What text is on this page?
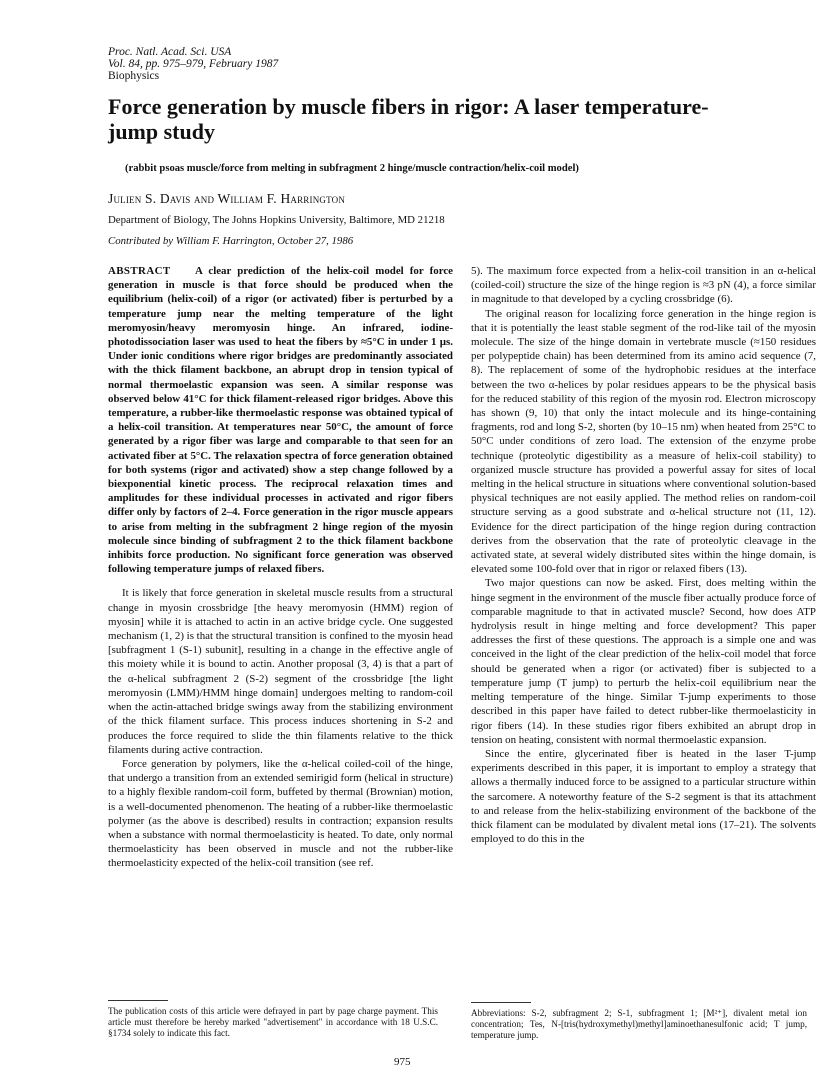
Proc. Natl. Acad. Sci. USA
Vol. 84, pp. 975–979, February 1987
Biophysics
Force generation by muscle fibers in rigor: A laser temperature-jump study
(rabbit psoas muscle/force from melting in subfragment 2 hinge/muscle contraction/helix-coil model)
Julien S. Davis and William F. Harrington
Department of Biology, The Johns Hopkins University, Baltimore, MD 21218
Contributed by William F. Harrington, October 27, 1986

ABSTRACT A clear prediction of the helix-coil model for force generation in muscle is that force should be produced when the equilibrium (helix-coil) of a rigor (or activated) fiber is perturbed by a temperature jump near the melting temperature of the light meromyosin/heavy meromyosin hinge. An infrared, iodine-photodissociation laser was used to heat the fibers by ≈5°C in under 1 µs. Under ionic conditions where rigor bridges are predominantly associated with the thick filament backbone, an abrupt drop in tension typical of normal thermoelastic expansion was seen. A similar response was observed below 41°C for thick filament-released rigor bridges. Above this temperature, a rubber-like thermoelastic response was obtained typical of a helix-coil transition. At temperatures near 50°C, the amount of force generated by a rigor fiber was large and comparable to that seen for an activated fiber at 5°C. The relaxation spectra of force generation obtained for both systems (rigor and activated) show a step change followed by a biexponential kinetic process. The reciprocal relaxation times and amplitudes for these individual processes in activated and rigor fibers differ only by factors of 2–4. Force generation in the rigor muscle appears to arise from melting in the subfragment 2 hinge region of the myosin molecule since binding of subfragment 2 to the thick filament backbone inhibits force production. No significant force generation was observed following temperature jumps of relaxed fibers.

It is likely that force generation in skeletal muscle results from a structural change in myosin crossbridge [the heavy meromyosin (HMM) region of myosin] while it is attached to actin in an active bridge cycle. One suggested mechanism (1, 2) is that the structural transition is confined to the myosin head [subfragment 1 (S-1) subunit], resulting in a change in the effective angle of this moiety while it is bound to actin. Another proposal (3, 4) is that a part of the α-helical subfragment 2 (S-2) segment of the crossbridge [the light meromyosin (LMM)/HMM hinge domain] undergoes melting to random-coil when the actin-attached bridge swings away from the stabilizing environment of the thick filament surface. This process induces shortening in S-2 and produces the force required to slide the thin filaments relative to the thick filaments during active contraction.

Force generation by polymers, like the α-helical coiled-coil of the hinge, that undergo a transition from an extended semirigid form (helical in structure) to a highly flexible random-coil form, buffeted by thermal (Brownian) motion, is a well-documented phenomenon. The heating of a rubber-like thermoelastic polymer (as the above is described) results in contraction; expansion results when a substance with normal thermoelasticity is heated. To date, only normal thermoelasticity has been observed in muscle and not the rubber-like thermoelasticity expected of the helix-coil transition (see ref.

5). The maximum force expected from a helix-coil transition in an α-helical (coiled-coil) structure the size of the hinge region is ≈3 pN (4), a force similar in magnitude to that developed by a cycling crossbridge (6).

The original reason for localizing force generation in the hinge region is that it is potentially the least stable segment of the rod-like tail of the myosin molecule. The size of the hinge domain in vertebrate muscle (≈150 residues per polypeptide chain) has been determined from its amino acid sequence (7, 8). The replacement of some of the hydrophobic residues at the interface between the two α-helices by polar residues appears to be the physical basis for the reduced stability of this region of the myosin rod. Electron microscopy has shown (9, 10) that only the intact molecule and its hinge-containing fragments, rod and long S-2, shorten (by 10–15 nm) when heated from 25°C to 50°C under conditions of zero load. The extension of the enzyme probe technique (proteolytic digestibility as a measure of helix-coil stability) to organized muscle structure has provided a powerful assay for sites of local melting in the helical structure in situations where conventional solution-based physical techniques are not easily applied. The method relies on random-coil structure serving as a good substrate and α-helical structure not (11, 12). Evidence for the direct participation of the hinge region during contraction derives from the observation that the rate of proteolytic cleavage in the activated state, at several widely distributed sites within the hinge domain, is elevated some 100-fold over that in rigor or relaxed fibers (13).

Two major questions can now be asked. First, does melting within the hinge segment in the environment of the muscle fiber actually produce force of comparable magnitude to that in activated muscle? Second, how does ATP hydrolysis result in hinge melting and force development? This paper addresses the first of these questions. The approach is a simple one and was conceived in the light of the clear prediction of the helix-coil model that force should be generated when a rigor (or activated) fiber is subjected to a temperature jump (T jump) to perturb the helix-coil equilibrium near the melting temperature of the hinge. Similar T-jump experiments to those described in this paper have failed to detect rubber-like thermoelasticity in rigor fibers (14). In these studies rigor fibers exhibited an abrupt drop in tension on heating, consistent with normal thermoelastic expansion.

Since the entire, glycerinated fiber is heated in the laser T-jump experiments described in this paper, it is important to employ a strategy that allows a thermally induced force to be assigned to a particular structure within the sarcomere. A noteworthy feature of the S-2 segment is that its attachment to and release from the helix-stabilizing environment of the backbone of the thick filament can be modulated by divalent metal ions (17–21). The solvents employed to do this in the

The publication costs of this article were defrayed in part by page charge payment. This article must therefore be hereby marked "advertisement" in accordance with 18 U.S.C. §1734 solely to indicate this fact.
Abbreviations: S-2, subfragment 2; S-1, subfragment 1; [M²⁺], divalent metal ion concentration; Tes, N-[tris(hydroxymethyl)methyl]aminoethanesulfonic acid; T jump, temperature jump.
975
